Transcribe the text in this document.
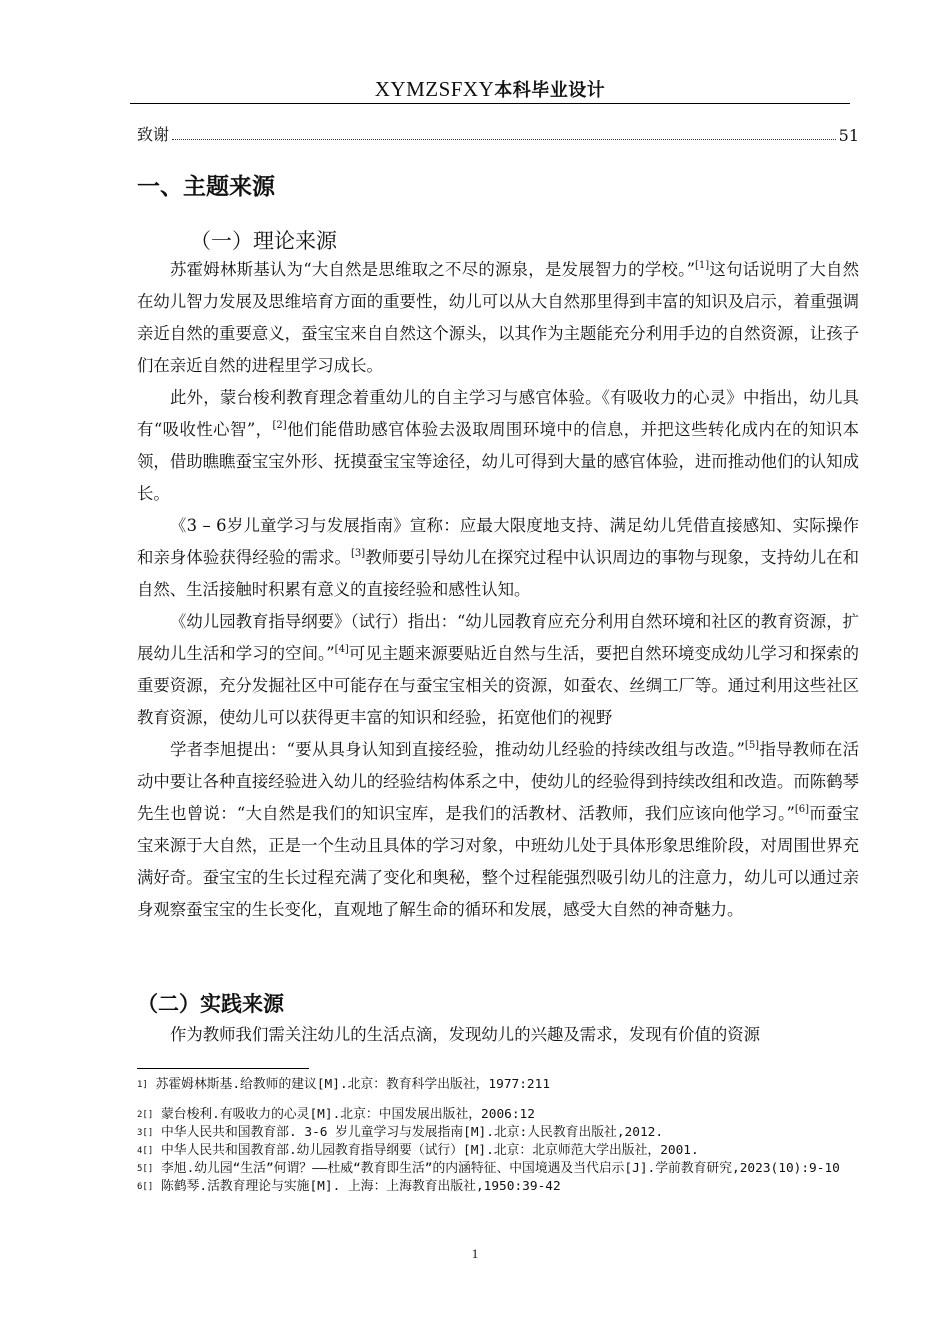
XYMZSFXY本科毕业设计
致谢	51
一、主题来源
（一）理论来源

苏霍姆林斯基认为“大自然是思维取之不尽的源泉，是发展智力的学校。”[1]这句话说明了大自然在幼儿智力发展及思维培育方面的重要性，幼儿可以从大自然那里得到丰富的知识及启示，着重强调亲近自然的重要意义，蚕宝宝来自自然这个源头，以其作为主题能充分利用手边的自然资源，让孩子们在亲近自然的进程里学习成长。

此外，蒙台梭利教育理念着重幼儿的自主学习与感官体验。《有吸收力的心灵》中指出，幼儿具有“吸收性心智”，[2]他们能借助感官体验去汲取周围环境中的信息，并把这些转化成内在的知识本领，借助瞧瞧蚕宝宝外形、抚摸蚕宝宝等途径，幼儿可得到大量的感官体验，进而推动他们的认知成长。

《3 – 6岁儿童学习与发展指南》宣称：应最大限度地支持、满足幼儿凭借直接感知、实际操作和亲身体验获得经验的需求。[3]教师要引导幼儿在探究过程中认识周边的事物与现象，支持幼儿在和自然、生活接触时积累有意义的直接经验和感性认知。

《幼儿园教育指导纲要》（试行）指出：“幼儿园教育应充分利用自然环境和社区的教育资源，扩展幼儿生活和学习的空间。”[4]可见主题来源要贴近自然与生活，要把自然环境变成幼儿学习和探索的重要资源，充分发掘社区中可能存在与蚕宝宝相关的资源，如蚕农、丝绸工厂等。通过利用这些社区教育资源，使幼儿可以获得更丰富的知识和经验，拓宽他们的视野

学者李旭提出：“要从具身认知到直接经验，推动幼儿经验的持续改组与改造。”[5]指导教师在活动中要让各种直接经验进入幼儿的经验结构体系之中，使幼儿的经验得到持续改组和改造。而陈鹤琴先生也曾说：“大自然是我们的知识宝库，是我们的活教材、活教师，我们应该向他学习。”[6]而蚕宝宝来源于大自然，正是一个生动且具体的学习对象，中班幼儿处于具体形象思维阶段，对周围世界充满好奇。蚕宝宝的生长过程充满了变化和奥秘，整个过程能强烈吸引幼儿的注意力，幼儿可以通过亲身观察蚕宝宝的生长变化，直观地了解生命的循环和发展，感受大自然的神奇魅力。

（二）实践来源

作为教师我们需关注幼儿的生活点滴，发现幼儿的兴趣及需求，发现有价值的资源

$^{1]}$ 苏霍姆林斯基.给教师的建议[M].北京：教育科学出版社，1977:211

$^{2[]}$ 蒙台梭利.有吸收力的心灵[M].北京：中国发展出版社，2006:12

$^{3[]}$ 中华人民共和国教育部. 3-6 岁儿童学习与发展指南[M].北京:人民教育出版社,2012.

$^{4[]}$ 中华人民共和国教育部.幼儿园教育指导纲要（试行）[M].北京：北京师范大学出版社，2001.

$^{5[]}$ 李旭.幼儿园“生活”何谓？——杜威“教育即生活”的内涵特征、中国境遇及当代启示[J].学前教育研究,2023(10):9-10

$^{6[]}$ 陈鹤琴.活教育理论与实施[M]. 上海：上海教育出版社,1950:39-42

1
